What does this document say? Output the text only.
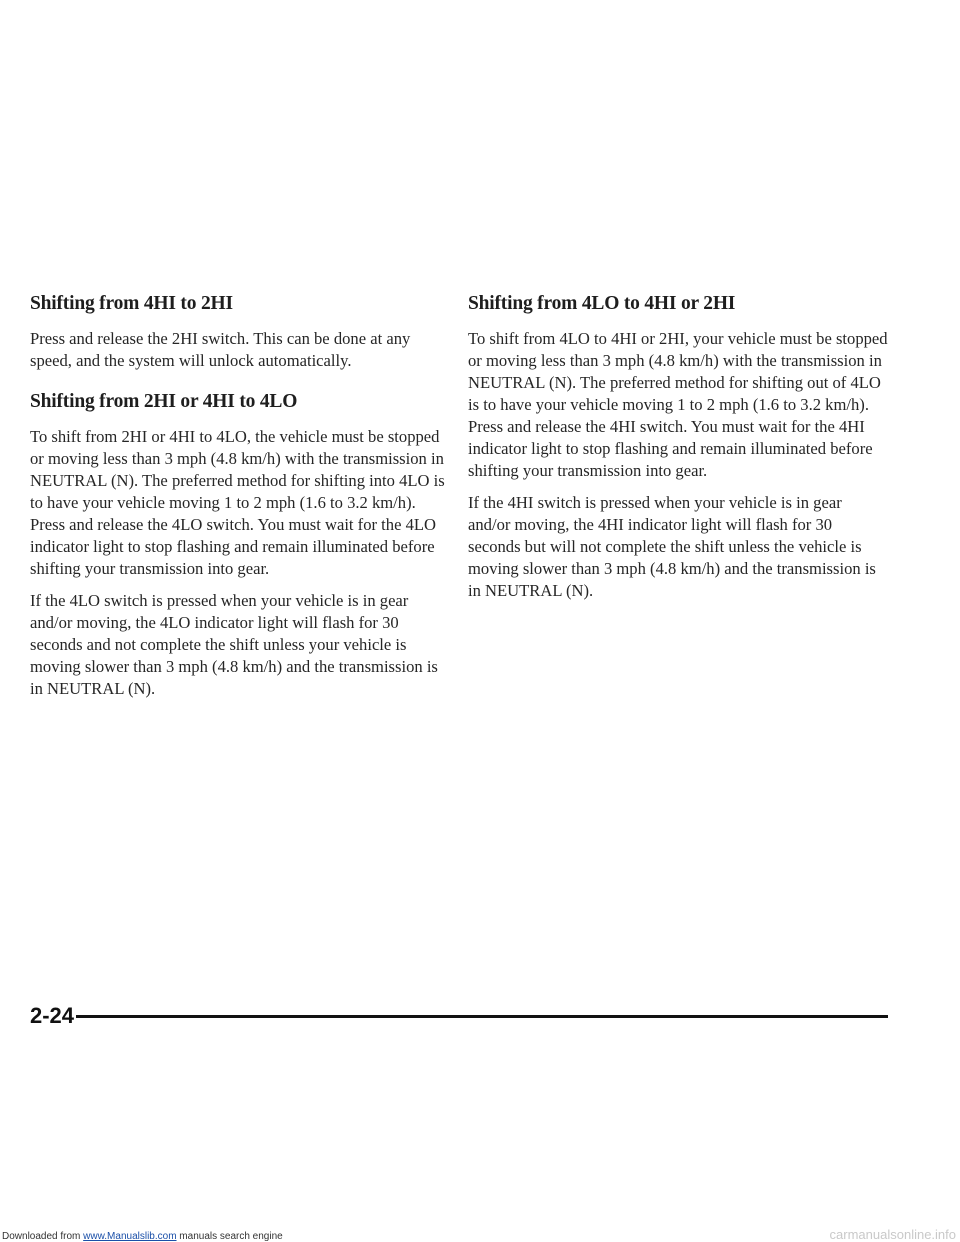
Shifting from 4HI to 2HI

Press and release the 2HI switch. This can be done at any speed, and the system will unlock automatically.

Shifting from 2HI or 4HI to 4LO

To shift from 2HI or 4HI to 4LO, the vehicle must be stopped or moving less than 3 mph (4.8 km/h) with the transmission in NEUTRAL (N). The preferred method for shifting into 4LO is to have your vehicle moving 1 to 2 mph (1.6 to 3.2 km/h). Press and release the 4LO switch. You must wait for the 4LO indicator light to stop flashing and remain illuminated before shifting your transmission into gear.

If the 4LO switch is pressed when your vehicle is in gear and/or moving, the 4LO indicator light will flash for 30 seconds and not complete the shift unless your vehicle is moving slower than 3 mph (4.8 km/h) and the transmission is in NEUTRAL (N).

Shifting from 4LO to 4HI or 2HI

To shift from 4LO to 4HI or 2HI, your vehicle must be stopped or moving less than 3 mph (4.8 km/h) with the transmission in NEUTRAL (N). The preferred method for shifting out of 4LO is to have your vehicle moving 1 to 2 mph (1.6 to 3.2 km/h). Press and release the 4HI switch. You must wait for the 4HI indicator light to stop flashing and remain illuminated before shifting your transmission into gear.

If the 4HI switch is pressed when your vehicle is in gear and/or moving, the 4HI indicator light will flash for 30 seconds but will not complete the shift unless the vehicle is moving slower than 3 mph (4.8 km/h) and the transmission is in NEUTRAL (N).

2-24
Downloaded from www.Manualslib.com manuals search engine	carmanualsonline.info
